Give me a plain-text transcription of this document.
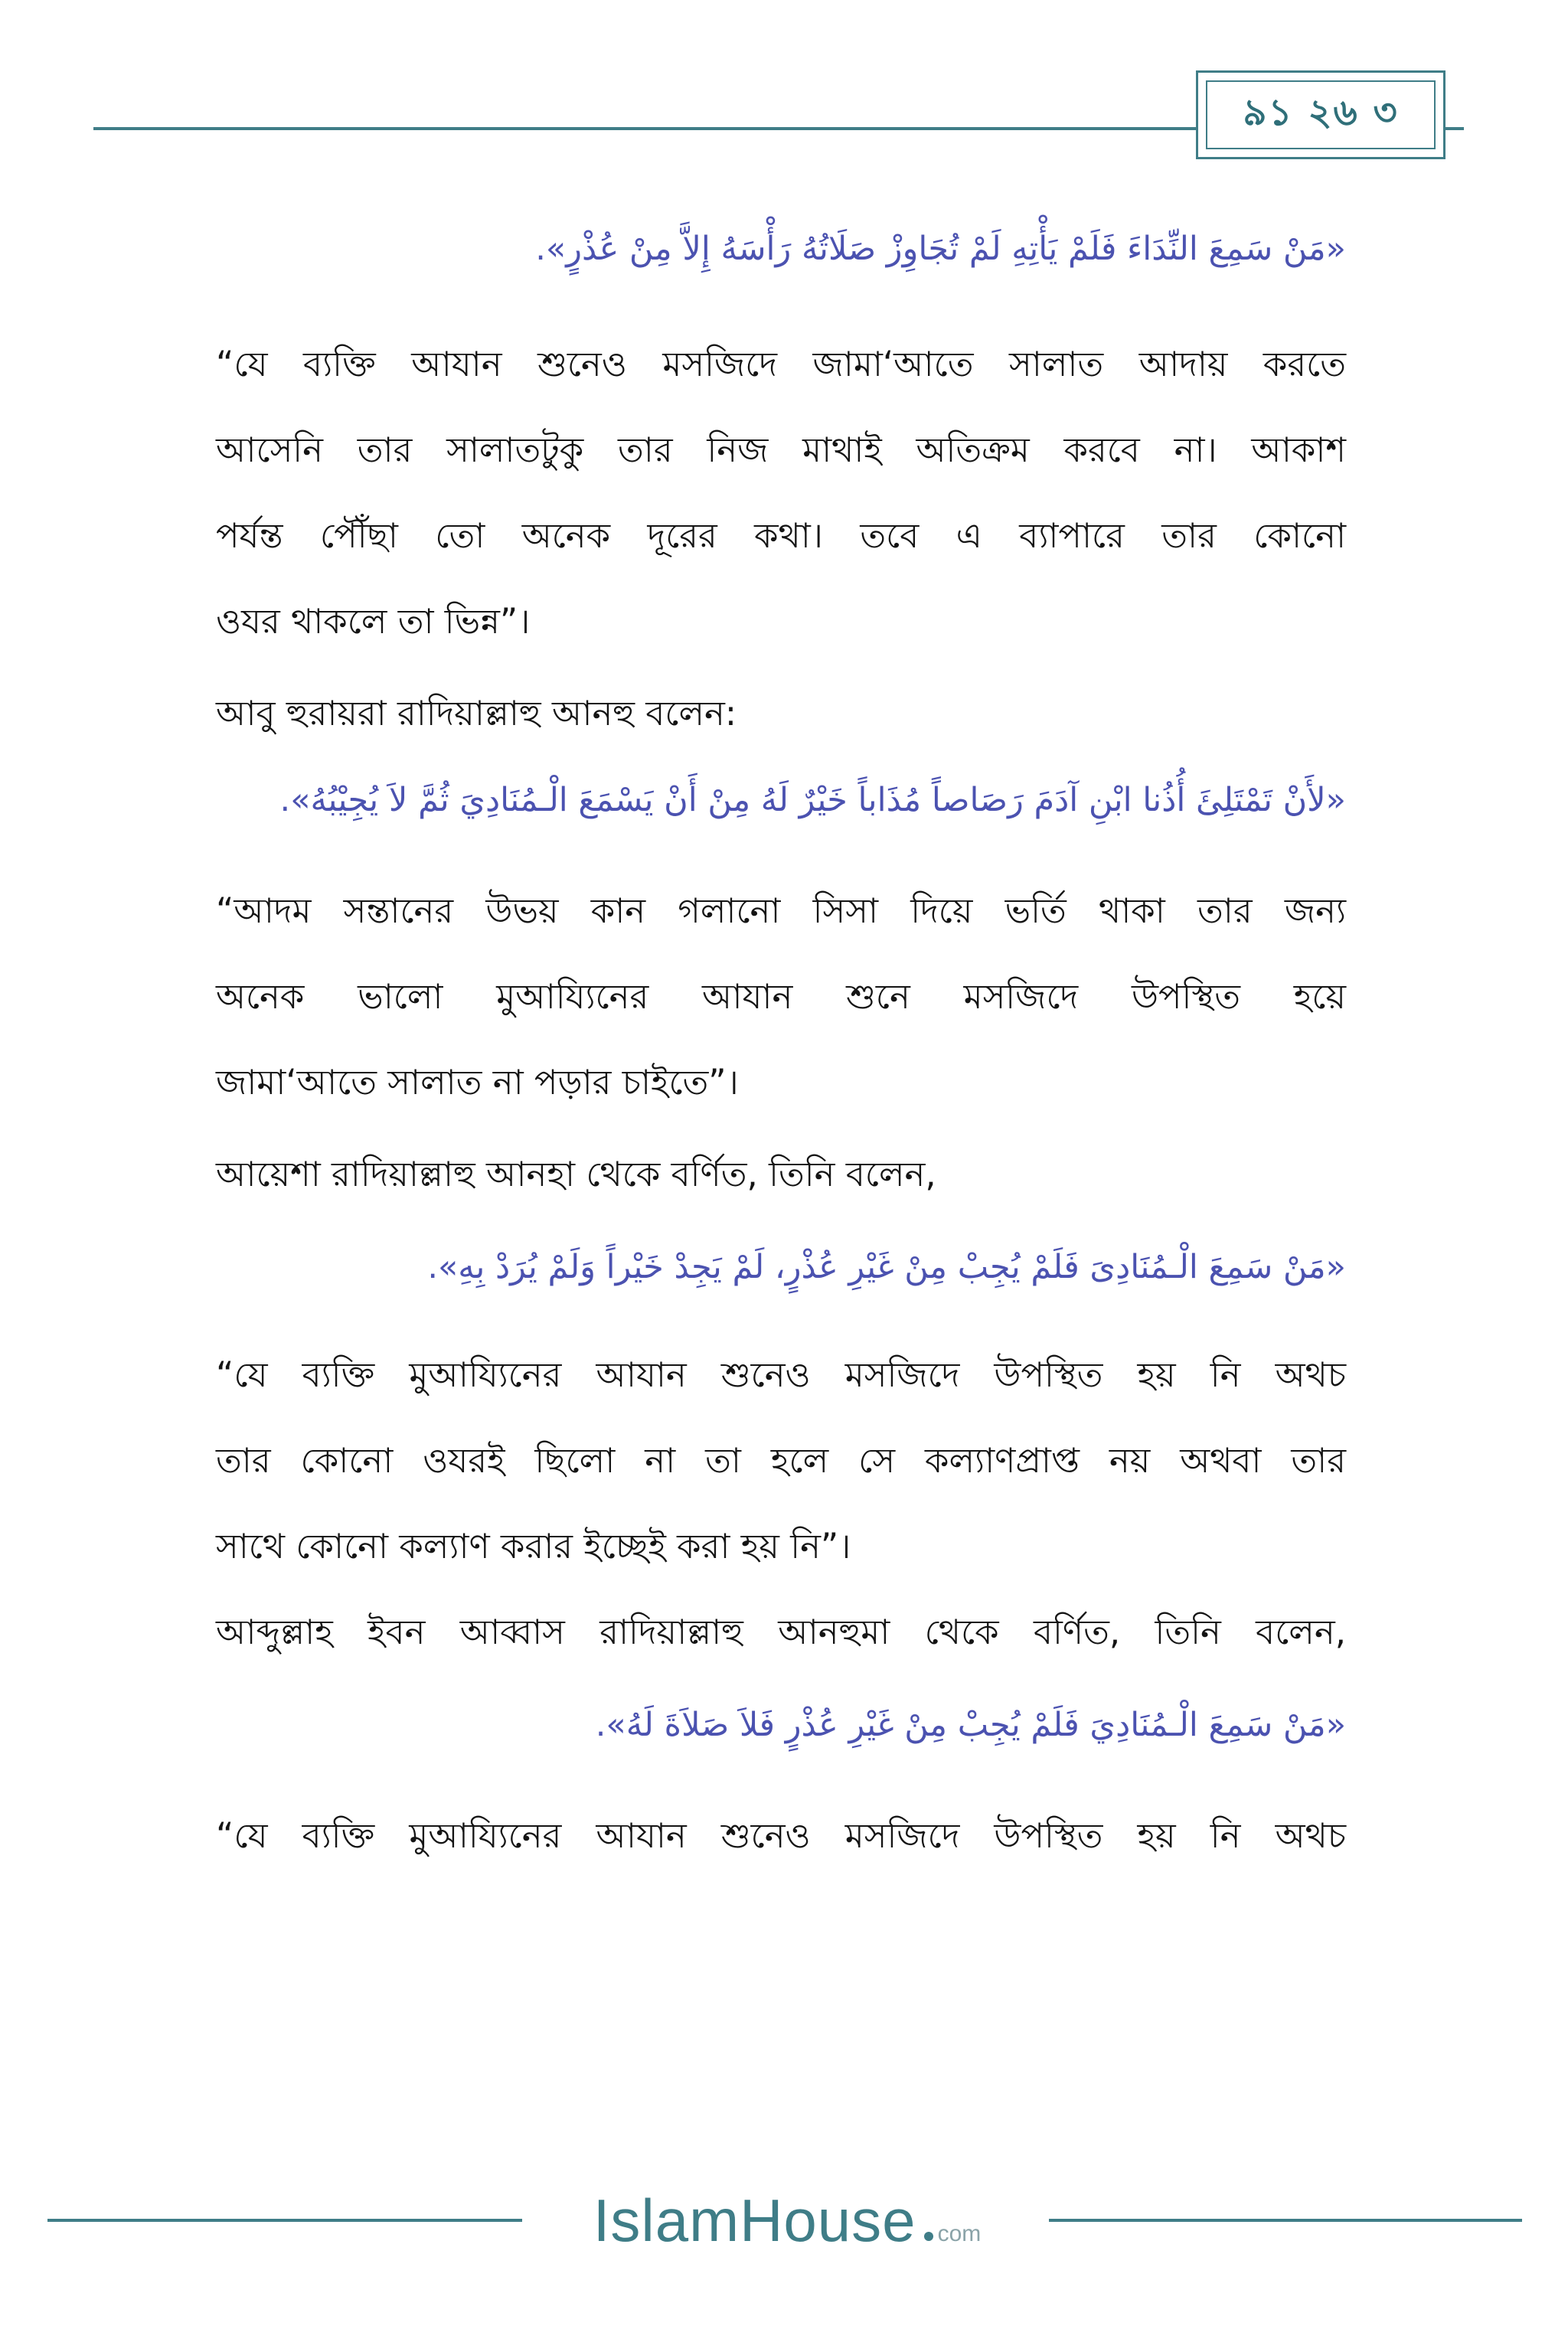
৯১ ২৬ ৩
«مَنْ سَمِعَ النِّدَاءَ فَلَمْ يَأْتِهِ لَمْ تُجَاوِزْ صَلَاتُهُ رَأْسَهُ إِلاَّ مِنْ عُذْرٍ».
“যে ব্যক্তি আযান শুনেও মসজিদে জামা‘আতে সালাত আদায় করতে
আসেনি তার সালাতটুকু তার নিজ মাথাই অতিক্রম করবে না। আকাশ
পর্যন্ত পৌঁছা তো অনেক দূরের কথা। তবে এ ব্যাপারে তার কোনো
ওযর থাকলে তা ভিন্ন”।
আবু হুরায়রা রাদিয়াল্লাহু আনহু বলেন:
«لأَنْ تَمْتَلِئَ أُذُنا ابْنِ آدَمَ رَصَاصاً مُذَاباً خَيْرٌ لَهُ مِنْ أَنْ يَسْمَعَ الْـمُنَادِيَ ثُمَّ لاَ يُجِيْبُهُ».
“আদম সন্তানের উভয় কান গলানো সিসা দিয়ে ভর্তি থাকা তার জন্য
অনেক ভালো মুআয্যিনের আযান শুনে মসজিদে উপস্থিত হয়ে
জামা‘আতে সালাত না পড়ার চাইতে”।
আয়েশা রাদিয়াল্লাহু আনহা থেকে বর্ণিত, তিনি বলেন,
«مَنْ سَمِعَ الْـمُنَادِىَ فَلَمْ يُجِبْ مِنْ غَيْرِ عُذْرٍ، لَمْ يَجِدْ خَيْراً وَلَمْ يُرَدْ بِهِ».
“যে ব্যক্তি মুআয্যিনের আযান শুনেও মসজিদে উপস্থিত হয় নি অথচ
তার কোনো ওযরই ছিলো না তা হলে সে কল্যাণপ্রাপ্ত নয় অথবা তার
সাথে কোনো কল্যাণ করার ইচ্ছেই করা হয় নি”।
আব্দুল্লাহ ইবন আব্বাস রাদিয়াল্লাহু আনহুমা থেকে বর্ণিত, তিনি বলেন,
«مَنْ سَمِعَ الْـمُنَادِيَ فَلَمْ يُجِبْ مِنْ غَيْرِ عُذْرٍ فَلاَ صَلاَةَ لَهُ».
“যে ব্যক্তি মুআয্যিনের আযান শুনেও মসজিদে উপস্থিত হয় নি অথচ
IslamHouse com
